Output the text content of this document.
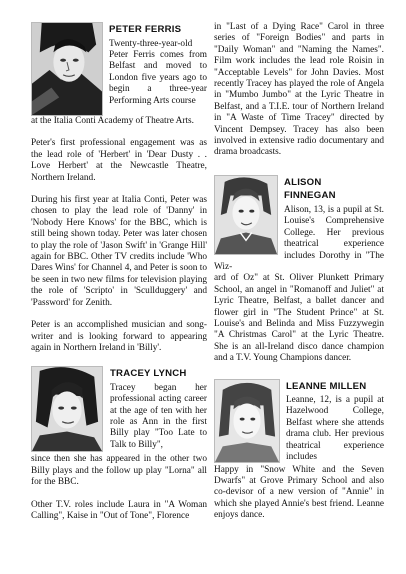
PETER FERRIS

Twenty-three-year-old Peter Ferris comes from Belfast and moved to London five years ago to begin a three-year Performing Arts course

at the Italia Conti Academy of Theatre Arts.

Peter's first professional engagement was as the lead role of 'Herbert' in 'Dear Dusty . . Love Herbert' at the Newcastle Theatre, Northern Ireland.

During his first year at Italia Conti, Peter was chosen to play the lead role of 'Danny' in 'Nobody Here Knows' for the BBC, which is still being shown today. Peter was later chosen to play the role of 'Jason Swift' in 'Grange Hill' again for BBC. Other TV credits include 'Who Dares Wins' for Channel 4, and Peter is soon to be seen in two new films for television playing the role of 'Scripto' in 'Scullduggery' and 'Password' for Zenith.

Peter is an accomplished musician and song-writer and is looking forward to appearing again in Northern Ireland in 'Billy'.

TRACEY LYNCH

Tracey began her professional acting career at the age of ten with her role as Ann in the first Billy play "Too Late to Talk to Billy",

since then she has appeared in the other two Billy plays and the follow up play "Lorna" all for the BBC.

Other T.V. roles include Laura in "A Woman Calling", Kaise in "Out of Tone", Florence

in "Last of a Dying Race" Carol in three series of "Foreign Bodies" and parts in "Daily Woman" and "Naming the Names". Film work includes the lead role Roisin in "Acceptable Levels" for John Davies. Most recently Tracey has played the role of Angela in "Mumbo Jumbo" at the Lyric Theatre in Belfast, and a T.I.E. tour of Northern Ireland in "A Waste of Time Tracey" directed by Vincent Dempsey. Tracey has also been involved in extensive radio documentary and drama broadcasts.

ALISON
FINNEGAN

Alison, 13, is a pupil at St. Louise's Comprehensive College. Her previous theatrical experience includes Dorothy in "The Wiz-

ard of Oz" at St. Oliver Plunkett Primary School, an angel in "Romanoff and Juliet" at Lyric Theatre, Belfast, a ballet dancer and flower girl in "The Student Prince" at St. Louise's and Belinda and Miss Fuzzywegin "A Christmas Carol" at the Lyric Theatre. She is an all-Ireland disco dance champion and a T.V. Young Champions dancer.

LEANNE MILLEN

Leanne, 12, is a pupil at Hazelwood College, Belfast where she attends drama club. Her previous theatrical experience includes

Happy in "Snow White and the Seven Dwarfs" at Grove Primary School and also co-devisor of a new version of "Annie" in which she played Annie's best friend. Leanne enjoys dance.
